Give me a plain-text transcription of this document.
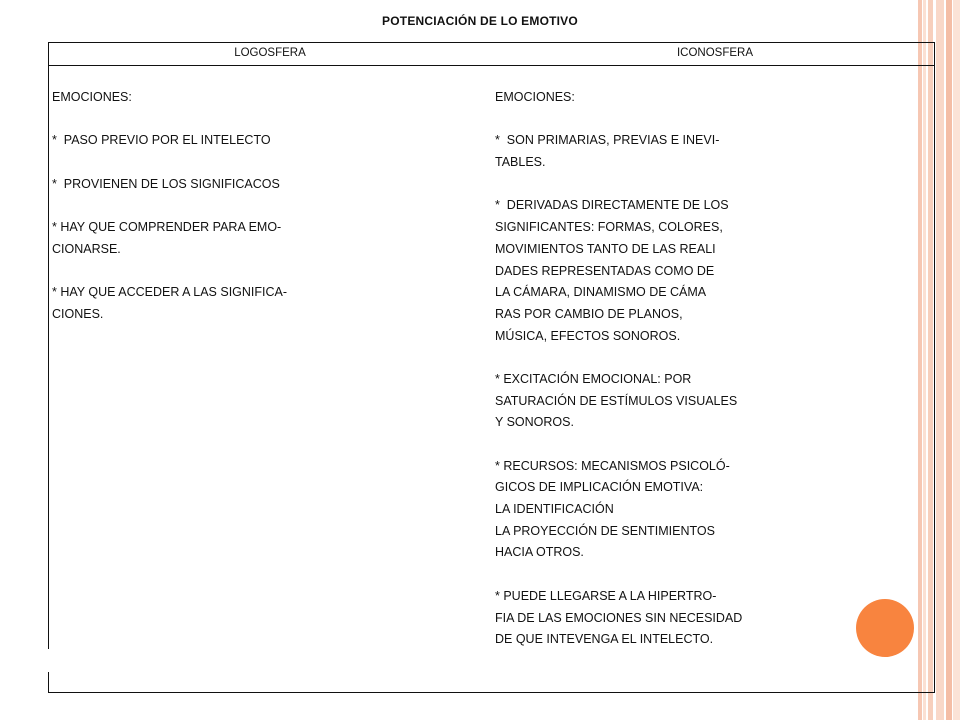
POTENCIACIÓN DE LO EMOTIVO
LOGOSFERA	ICONOSFERA
EMOCIONES:
*  PASO PREVIO POR EL INTELECTO
*  PROVIENEN DE LOS SIGNIFICACOS
* HAY QUE COMPRENDER PARA EMO-
CIONARSE.
* HAY QUE ACCEDER A LAS SIGNIFICA-
CIONES.
EMOCIONES:
*  SON PRIMARIAS, PREVIAS E INEVI-
TABLES.
*  DERIVADAS DIRECTAMENTE DE LOS
SIGNIFICANTES: FORMAS, COLORES,
MOVIMIENTOS TANTO DE LAS REALI
DADES REPRESENTADAS COMO DE
LA CÁMARA, DINAMISMO DE CÁMA
RAS POR CAMBIO DE PLANOS,
MÚSICA, EFECTOS SONOROS.
* EXCITACIÓN EMOCIONAL: POR
SATURACIÓN DE ESTÍMULOS VISUALES
Y SONOROS.
* RECURSOS: MECANISMOS PSICOLÓ-
GICOS DE IMPLICACIÓN EMOTIVA:
LA IDENTIFICACIÓN
LA PROYECCIÓN DE SENTIMIENTOS
HACIA OTROS.
* PUEDE LLEGARSE A LA HIPERTRO-
FIA DE LAS EMOCIONES SIN NECESIDAD
DE QUE INTEVENGA EL INTELECTO.
